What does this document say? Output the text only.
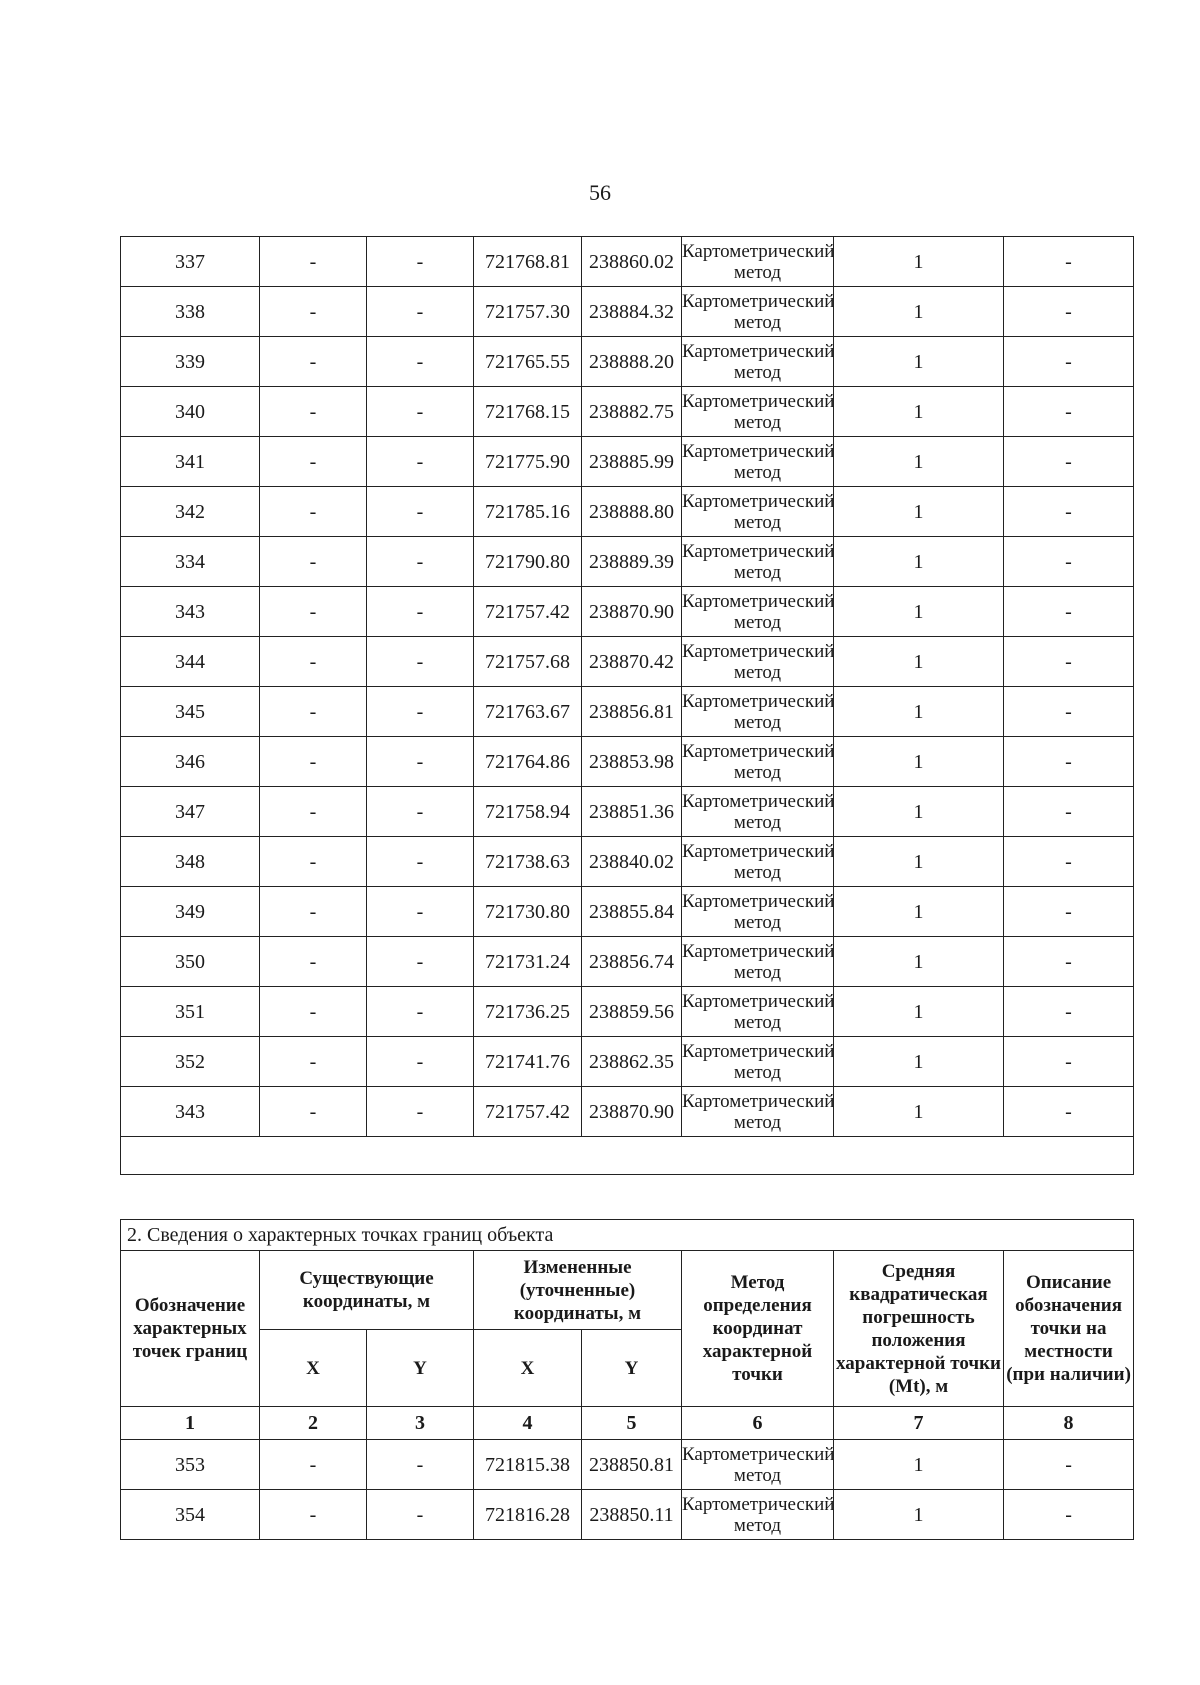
56
337	-	-	721768.81	238860.02	Картометрический метод	1	-
338	-	-	721757.30	238884.32	Картометрический метод	1	-
339	-	-	721765.55	238888.20	Картометрический метод	1	-
340	-	-	721768.15	238882.75	Картометрический метод	1	-
341	-	-	721775.90	238885.99	Картометрический метод	1	-
342	-	-	721785.16	238888.80	Картометрический метод	1	-
334	-	-	721790.80	238889.39	Картометрический метод	1	-
343	-	-	721757.42	238870.90	Картометрический метод	1	-
344	-	-	721757.68	238870.42	Картометрический метод	1	-
345	-	-	721763.67	238856.81	Картометрический метод	1	-
346	-	-	721764.86	238853.98	Картометрический метод	1	-
347	-	-	721758.94	238851.36	Картометрический метод	1	-
348	-	-	721738.63	238840.02	Картометрический метод	1	-
349	-	-	721730.80	238855.84	Картометрический метод	1	-
350	-	-	721731.24	238856.74	Картометрический метод	1	-
351	-	-	721736.25	238859.56	Картометрический метод	1	-
352	-	-	721741.76	238862.35	Картометрический метод	1	-
343	-	-	721757.42	238870.90	Картометрический метод	1	-

2. Сведения о характерных точках границ объекта							
Обозначение характерных точек границ	Существующие координаты, м		Измененные (уточненные) координаты, м		Метод определения координат характерной точки	Средняя квадратическая погрешность положения характерной точки (Mt), м	Описание обозначения точки на местности (при наличии)
	X	Y	X	Y			
1	2	3	4	5	6	7	8
353	-	-	721815.38	238850.81	Картометрический метод	1	-
354	-	-	721816.28	238850.11	Картометрический метод	1	-
